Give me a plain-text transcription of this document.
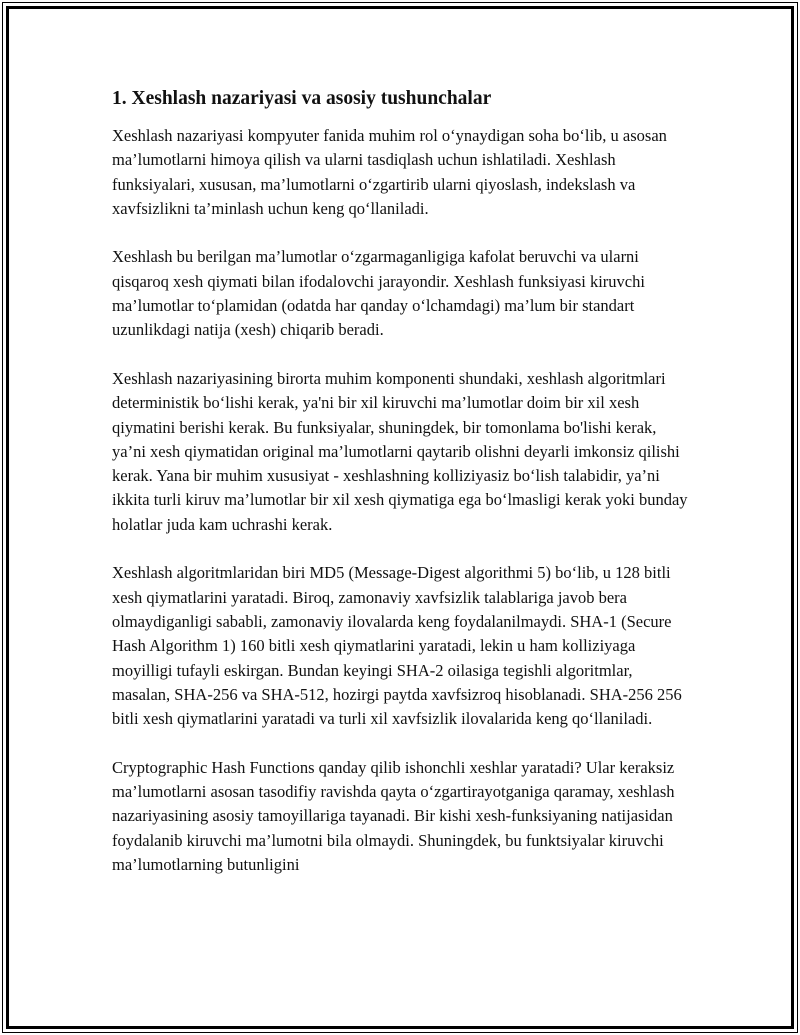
1. Xeshlash nazariyasi va asosiy tushunchalar

Xeshlash nazariyasi kompyuter fanida muhim rol o‘ynaydigan soha bo‘lib, u asosan ma’lumotlarni himoya qilish va ularni tasdiqlash uchun ishlatiladi. Xeshlash funksiyalari, xususan, ma’lumotlarni o‘zgartirib ularni qiyoslash, indekslash va xavfsizlikni ta’minlash uchun keng qo‘llaniladi.

Xeshlash bu berilgan ma’lumotlar o‘zgarmaganligiga kafolat beruvchi va ularni qisqaroq xesh qiymati bilan ifodalovchi jarayondir. Xeshlash funksiyasi kiruvchi ma’lumotlar to‘plamidan (odatda har qanday o‘lchamdagi) ma’lum bir standart uzunlikdagi natija (xesh) chiqarib beradi.

Xeshlash nazariyasining birorta muhim komponenti shundaki, xeshlash algoritmlari deterministik bo‘lishi kerak, ya'ni bir xil kiruvchi ma’lumotlar doim bir xil xesh qiymatini berishi kerak. Bu funksiyalar, shuningdek, bir tomonlama bo'lishi kerak, ya’ni xesh qiymatidan original ma’lumotlarni qaytarib olishni deyarli imkonsiz qilishi kerak. Yana bir muhim xususiyat - xeshlashning kolliziyasiz bo‘lish talabidir, ya’ni ikkita turli kiruv ma’lumotlar bir xil xesh qiymatiga ega bo‘lmasligi kerak yoki bunday holatlar juda kam uchrashi kerak.

Xeshlash algoritmlaridan biri MD5 (Message-Digest algorithmi 5) bo‘lib, u 128 bitli xesh qiymatlarini yaratadi. Biroq, zamonaviy xavfsizlik talablariga javob bera olmaydiganligi sababli, zamonaviy ilovalarda keng foydalanilmaydi. SHA-1 (Secure Hash Algorithm 1) 160 bitli xesh qiymatlarini yaratadi, lekin u ham kolliziyaga moyilligi tufayli eskirgan. Bundan keyingi SHA-2 oilasiga tegishli algoritmlar, masalan, SHA-256 va SHA-512, hozirgi paytda xavfsizroq hisoblanadi. SHA-256 256 bitli xesh qiymatlarini yaratadi va turli xil xavfsizlik ilovalarida keng qo‘llaniladi.

Cryptographic Hash Functions qanday qilib ishonchli xeshlar yaratadi? Ular keraksiz ma’lumotlarni asosan tasodifiy ravishda qayta o‘zgartirayotganiga qaramay, xeshlash nazariyasining asosiy tamoyillariga tayanadi. Bir kishi xesh-funksiyaning natijasidan foydalanib kiruvchi ma’lumotni bila olmaydi. Shuningdek, bu funktsiyalar kiruvchi ma’lumotlarning butunligini
